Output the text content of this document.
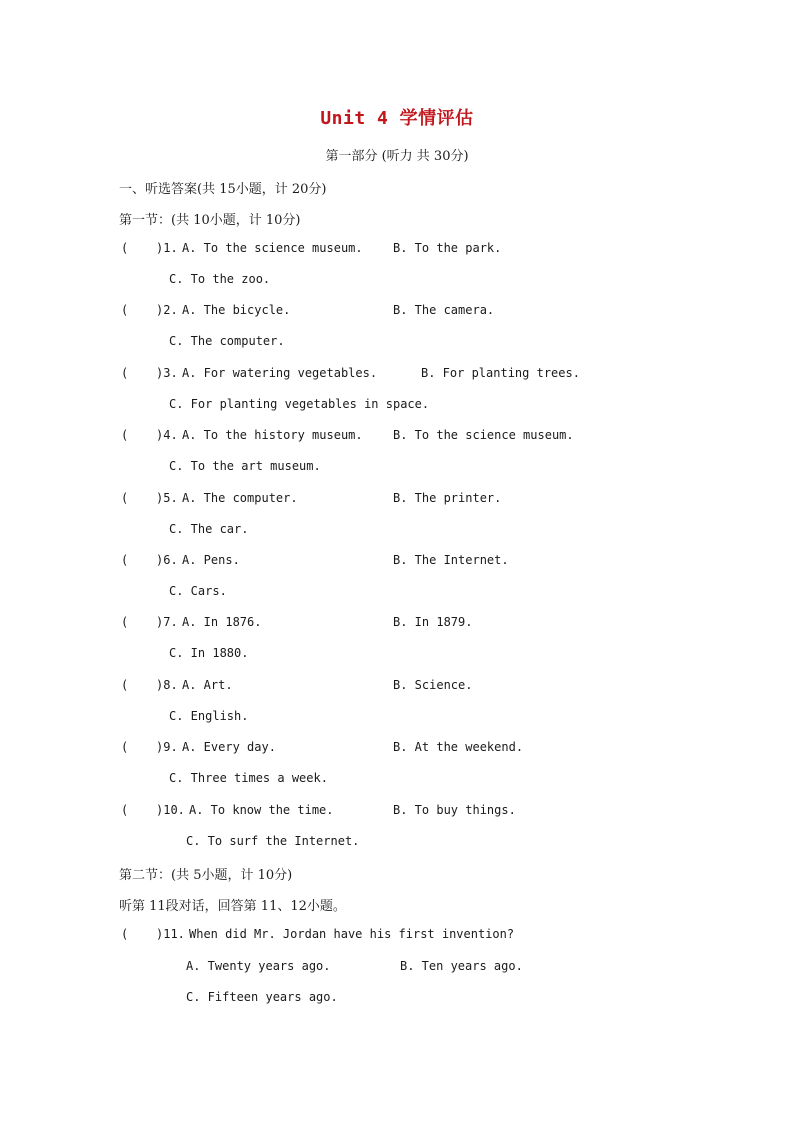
Unit 4 学情评估
第一部分 (听力 共 30分)
一、听选答案(共 15小题，计 20分)
第一节：(共 10小题，计 10分)
( )1. A. To the science museum.	B. To the park.
C. To the zoo.
( )2. A. The bicycle.	B. The camera.
C. The computer.
( )3. A. For watering vegetables.	B. For planting trees.
C. For planting vegetables in space.
( )4. A. To the history museum.	B. To the science museum.
C. To the art museum.
( )5. A. The computer.	B. The printer.
C. The car.
( )6. A. Pens.	B. The Internet.
C. Cars.
( )7. A. In 1876.	B. In 1879.
C. In 1880.
( )8. A. Art.	B. Science.
C. English.
( )9. A. Every day.	B. At the weekend.
C. Three times a week.
( )10. A. To know the time.	B. To buy things.
C. To surf the Internet.
第二节：(共 5小题，计 10分)
听第 11段对话，回答第 11、12小题。
( )11. When did Mr. Jordan have his first invention?
A. Twenty years ago.	B. Ten years ago.
C. Fifteen years ago.
